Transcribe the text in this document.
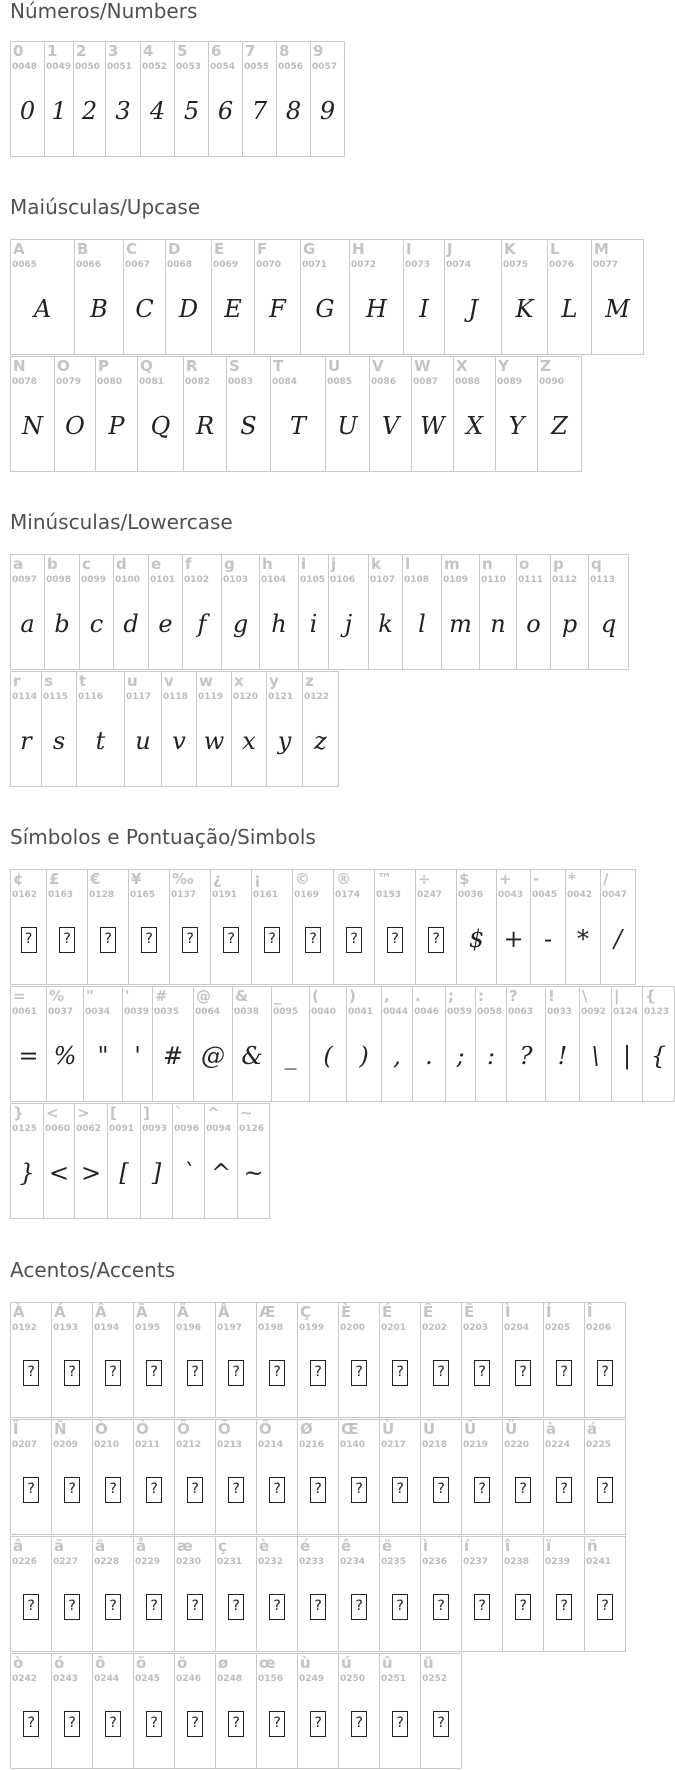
Números/Numbers
0
0048
0
1
0049
1
2
0050
2
3
0051
3
4
0052
4
5
0053
5
6
0054
6
7
0055
7
8
0056
8
9
0057
9
Maiúsculas/Upcase
A
0065
A
B
0066
B
C
0067
C
D
0068
D
E
0069
E
F
0070
F
G
0071
G
H
0072
H
I
0073
I
J
0074
J
K
0075
K
L
0076
L
M
0077
M
N
0078
N
O
0079
O
P
0080
P
Q
0081
Q
R
0082
R
S
0083
S
T
0084
T
U
0085
U
V
0086
V
W
0087
W
X
0088
X
Y
0089
Y
Z
0090
Z
Minúsculas/Lowercase
a
0097
a
b
0098
b
c
0099
c
d
0100
d
e
0101
e
f
0102
f
g
0103
g
h
0104
h
i
0105
i
j
0106
j
k
0107
k
l
0108
l
m
0109
m
n
0110
n
o
0111
o
p
0112
p
q
0113
q
r
0114
r
s
0115
s
t
0116
t
u
0117
u
v
0118
v
w
0119
w
x
0120
x
y
0121
y
z
0122
z
Símbolos e Pontuação/Simbols
¢
0162
?
£
0163
?
€
0128
?
¥
0165
?
‰
0137
?
¿
0191
?
¡
0161
?
©
0169
?
®
0174
?
™
0153
?
÷
0247
?
$
0036
$
+
0043
+
-
0045
-
*
0042
*
/
0047
/
=
0061
=
%
0037
%
"
0034
"
'
0039
'
#
0035
#
@
0064
@
&
0038
&
_
0095
_
(
0040
(
)
0041
)
,
0044
,
.
0046
.
;
0059
;
:
0058
:
?
0063
?
!
0033
!
\
0092
\
|
0124
|
{
0123
{
}
0125
}
<
0060
<
>
0062
>
[
0091
[
]
0093
]
`
0096
`
^
0094
^
~
0126
~
Acentos/Accents
À
0192
?
Á
0193
?
Â
0194
?
Ã
0195
?
Ä
0196
?
Å
0197
?
Æ
0198
?
Ç
0199
?
È
0200
?
É
0201
?
Ê
0202
?
Ë
0203
?
Ì
0204
?
Í
0205
?
Î
0206
?
Ï
0207
?
Ñ
0209
?
Ò
0210
?
Ó
0211
?
Ô
0212
?
Õ
0213
?
Ö
0214
?
Ø
0216
?
Œ
0140
?
Ù
0217
?
Ú
0218
?
Û
0219
?
Ü
0220
?
à
0224
?
á
0225
?
â
0226
?
ã
0227
?
ä
0228
?
å
0229
?
æ
0230
?
ç
0231
?
è
0232
?
é
0233
?
ê
0234
?
ë
0235
?
ì
0236
?
í
0237
?
î
0238
?
ï
0239
?
ñ
0241
?
ò
0242
?
ó
0243
?
ô
0244
?
õ
0245
?
ö
0246
?
ø
0248
?
œ
0156
?
ù
0249
?
ú
0250
?
û
0251
?
ü
0252
?
